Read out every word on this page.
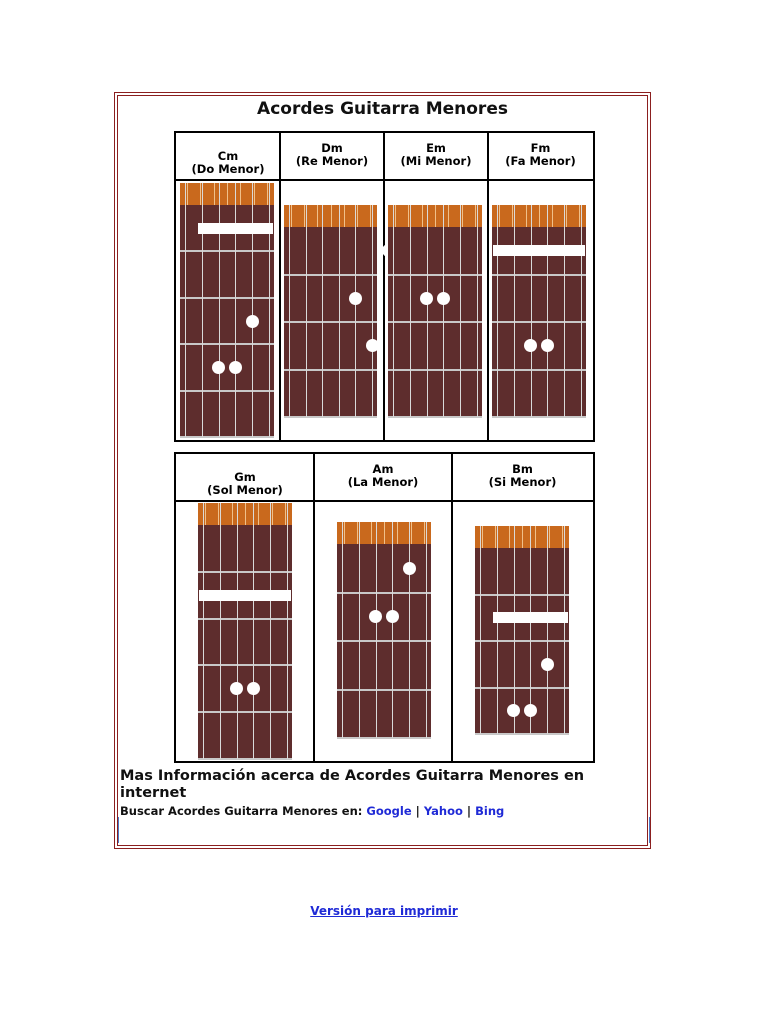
Acordes Guitarra Menores
Cm
(Do Menor)
Dm
(Re Menor)
Em
(Mi Menor)
Fm
(Fa Menor)
Gm
(Sol Menor)
Am
(La Menor)
Bm
(Si Menor)
Mas Información acerca de Acordes Guitarra Menores en internet
Buscar Acordes Guitarra Menores en: Google | Yahoo | Bing
Versión para imprimir
